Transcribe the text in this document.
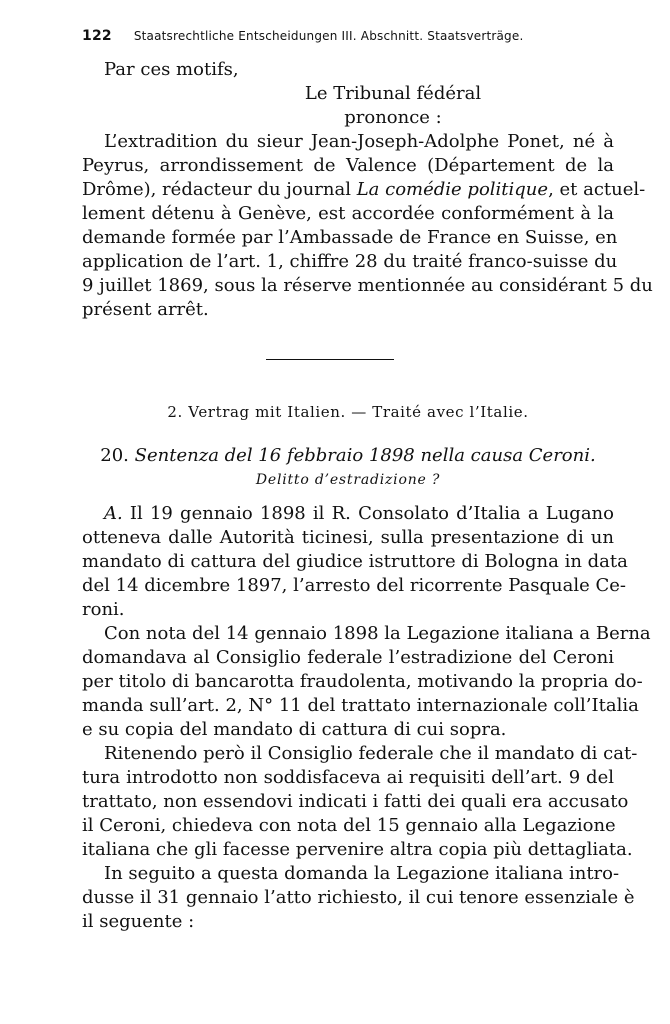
122 Staatsrechtliche Entscheidungen III. Abschnitt. Staatsverträge.
Par ces motifs,
Le Tribunal fédéral
prononce :
L’extradition du sieur Jean-Joseph-Adolphe Ponet, né à
Peyrus, arrondissement de Valence (Département de la
Drôme), rédacteur du journal La comédie politique, et actuel-
lement détenu à Genève, est accordée conformément à la
demande formée par l’Ambassade de France en Suisse, en
application de l’art. 1, chiffre 28 du traité franco-suisse du
9 juillet 1869, sous la réserve mentionnée au considérant 5 du
présent arrêt.
2. Vertrag mit Italien. — Traité avec l’Italie.
20. Sentenza del 16 febbraio 1898 nella causa Ceroni.
Delitto d’estradizione ?
A. Il 19 gennaio 1898 il R. Consolato d’Italia a Lugano
otteneva dalle Autorità ticinesi, sulla presentazione di un
mandato di cattura del giudice istruttore di Bologna in data
del 14 dicembre 1897, l’arresto del ricorrente Pasquale Ce-
roni.
Con nota del 14 gennaio 1898 la Legazione italiana a Berna
domandava al Consiglio federale l’estradizione del Ceroni
per titolo di bancarotta fraudolenta, motivando la propria do-
manda sull’art. 2, N° 11 del trattato internazionale coll’Italia
e su copia del mandato di cattura di cui sopra.
Ritenendo però il Consiglio federale che il mandato di cat-
tura introdotto non soddisfaceva ai requisiti dell’art. 9 del
trattato, non essendovi indicati i fatti dei quali era accusato
il Ceroni, chiedeva con nota del 15 gennaio alla Legazione
italiana che gli facesse pervenire altra copia più dettagliata.
In seguito a questa domanda la Legazione italiana intro-
dusse il 31 gennaio l’atto richiesto, il cui tenore essenziale è
il seguente :
